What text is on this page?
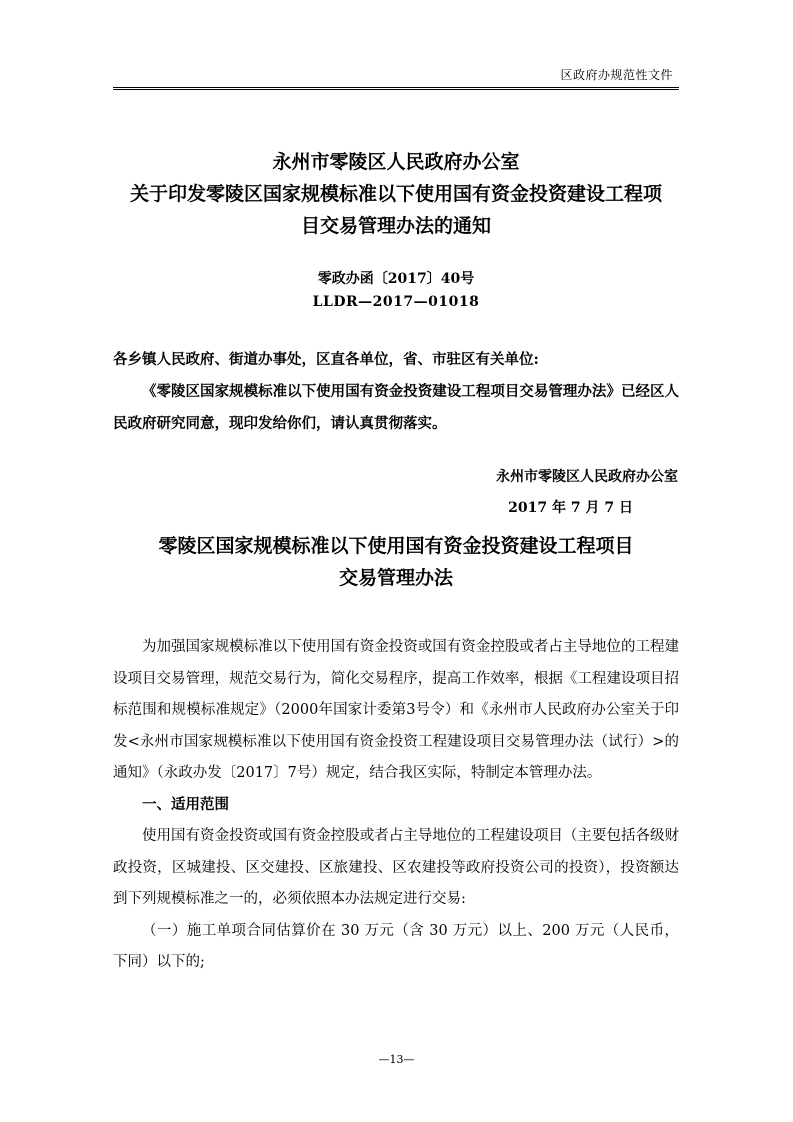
区政府办规范性文件
永州市零陵区人民政府办公室
关于印发零陵区国家规模标准以下使用国有资金投资建设工程项
目交易管理办法的通知

零政办函〔2017〕40号

LLDR—2017—01018

各乡镇人民政府、街道办事处，区直各单位，省、市驻区有关单位:

《零陵区国家规模标准以下使用国有资金投资建设工程项目交易管理办法》已经区人民政府研究同意，现印发给你们，请认真贯彻落实。

永州市零陵区人民政府办公室

2017 年 7 月 7 日

零陵区国家规模标准以下使用国有资金投资建设工程项目
交易管理办法
为加强国家规模标准以下使用国有资金投资或国有资金控股或者占主导地位的工程建设项目交易管理，规范交易行为，简化交易程序，提高工作效率，根据《工程建设项目招标范围和规模标准规定》（2000年国家计委第3号令）和《永州市人民政府办公室关于印发<永州市国家规模标准以下使用国有资金投资工程建设项目交易管理办法（试行）>的通知》（永政办发〔2017〕7号）规定，结合我区实际，特制定本管理办法。
一、适用范围
使用国有资金投资或国有资金控股或者占主导地位的工程建设项目（主要包括各级财政投资，区城建投、区交建投、区旅建投、区农建投等政府投资公司的投资），投资额达到下列规模标准之一的，必须依照本办法规定进行交易:
（一）施工单项合同估算价在 30 万元（含 30 万元）以上、200 万元（人民币，下同）以下的;
—13—
